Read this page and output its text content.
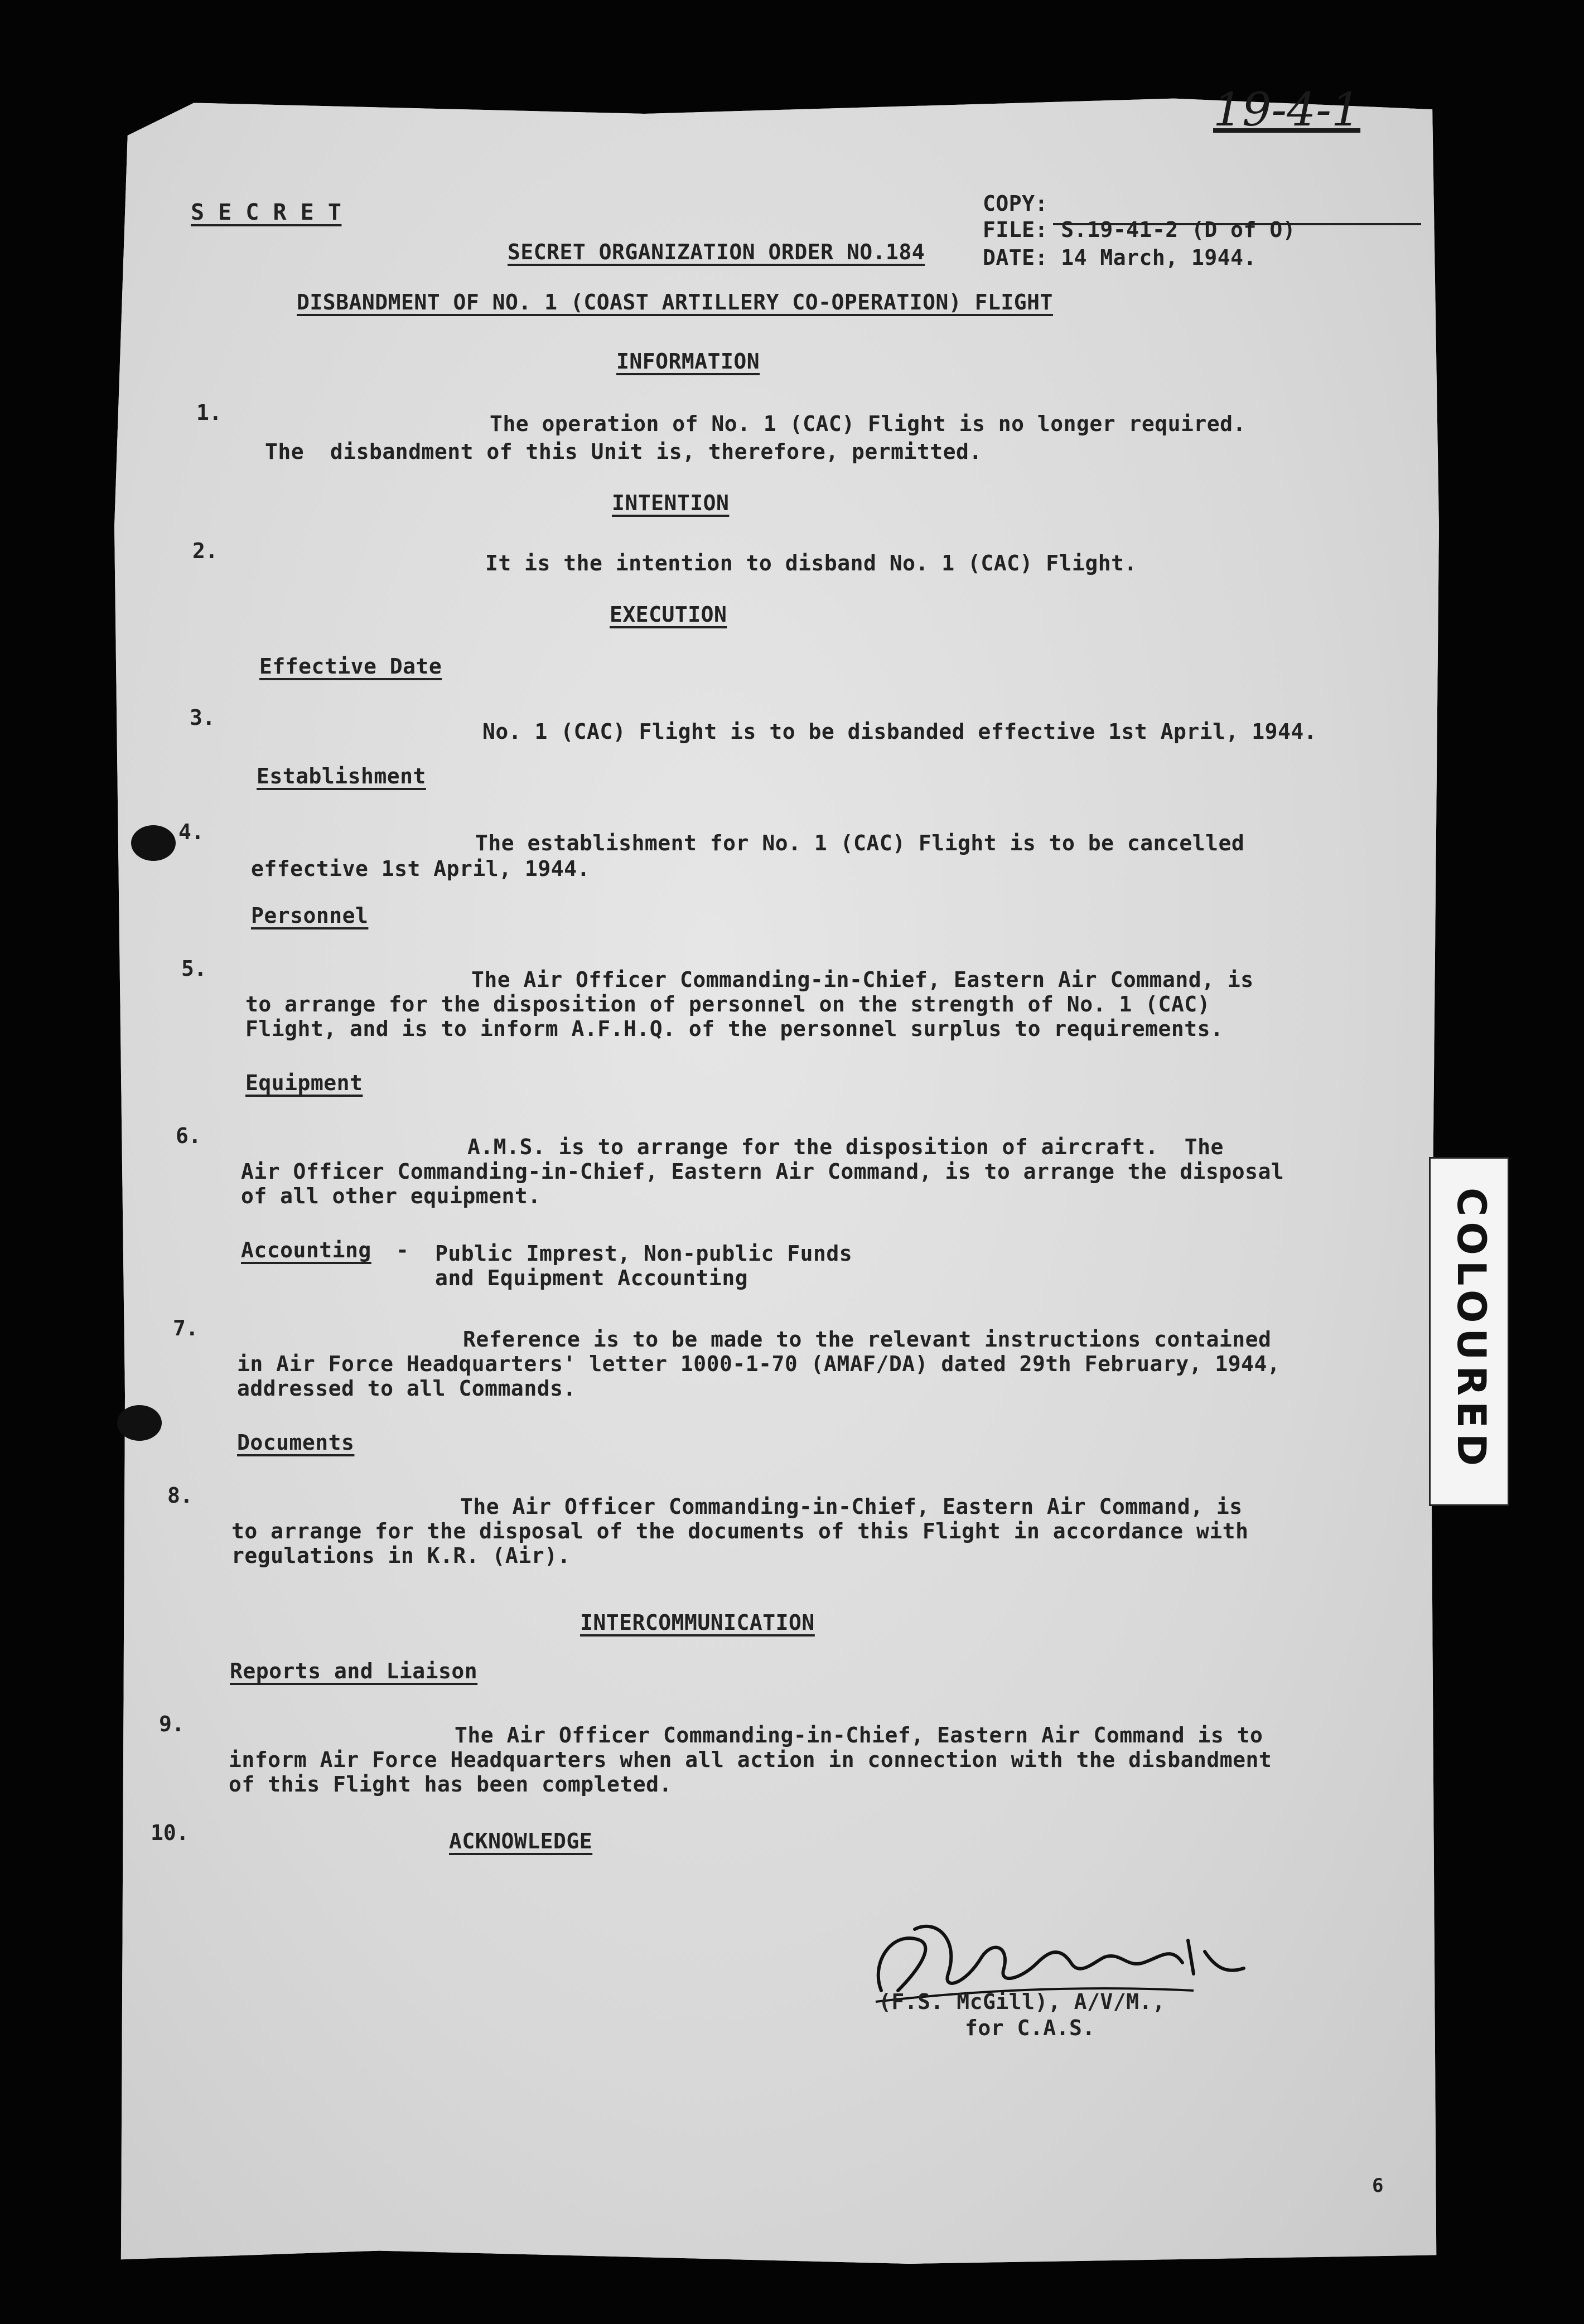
19-4-1
S E C R E T	COPY:
FILE: S.19-41-2 (D of O)
DATE: 14 March, 1944.
SECRET ORGANIZATION ORDER NO.184
DISBANDMENT OF NO. 1 (COAST ARTILLERY CO-OPERATION) FLIGHT
INFORMATION
1.	The operation of No. 1 (CAC) Flight is no longer required.
The  disbandment of this Unit is, therefore, permitted.
INTENTION
2.	It is the intention to disband No. 1 (CAC) Flight.
EXECUTION
Effective Date
3.
No. 1 (CAC) Flight is to be disbanded effective 1st April, 1944.
Establishment
4.	The establishment for No. 1 (CAC) Flight is to be cancelled
effective 1st April, 1944.
Personnel
5.	The Air Officer Commanding-in-Chief, Eastern Air Command, is
to arrange for the disposition of personnel on the strength of No. 1 (CAC)
Flight, and is to inform A.F.H.Q. of the personnel surplus to requirements.
Equipment
6.	A.M.S. is to arrange for the disposition of aircraft.  The
Air Officer Commanding-in-Chief, Eastern Air Command, is to arrange the disposal
of all other equipment.
Accounting - Public Imprest, Non-public Funds
and Equipment Accounting
7.	Reference is to be made to the relevant instructions contained
in Air Force Headquarters' letter 1000-1-70 (AMAF/DA) dated 29th February, 1944,
addressed to all Commands.
Documents
8.	The Air Officer Commanding-in-Chief, Eastern Air Command, is
to arrange for the disposal of the documents of this Flight in accordance with
regulations in K.R. (Air).
INTERCOMMUNICATION
Reports and Liaison
9.	The Air Officer Commanding-in-Chief, Eastern Air Command is to
inform Air Force Headquarters when all action in connection with the disbandment
of this Flight has been completed.
10.	ACKNOWLEDGE
(F.S. McGill), A/V/M.,
for C.A.S.
6
COLOURED
